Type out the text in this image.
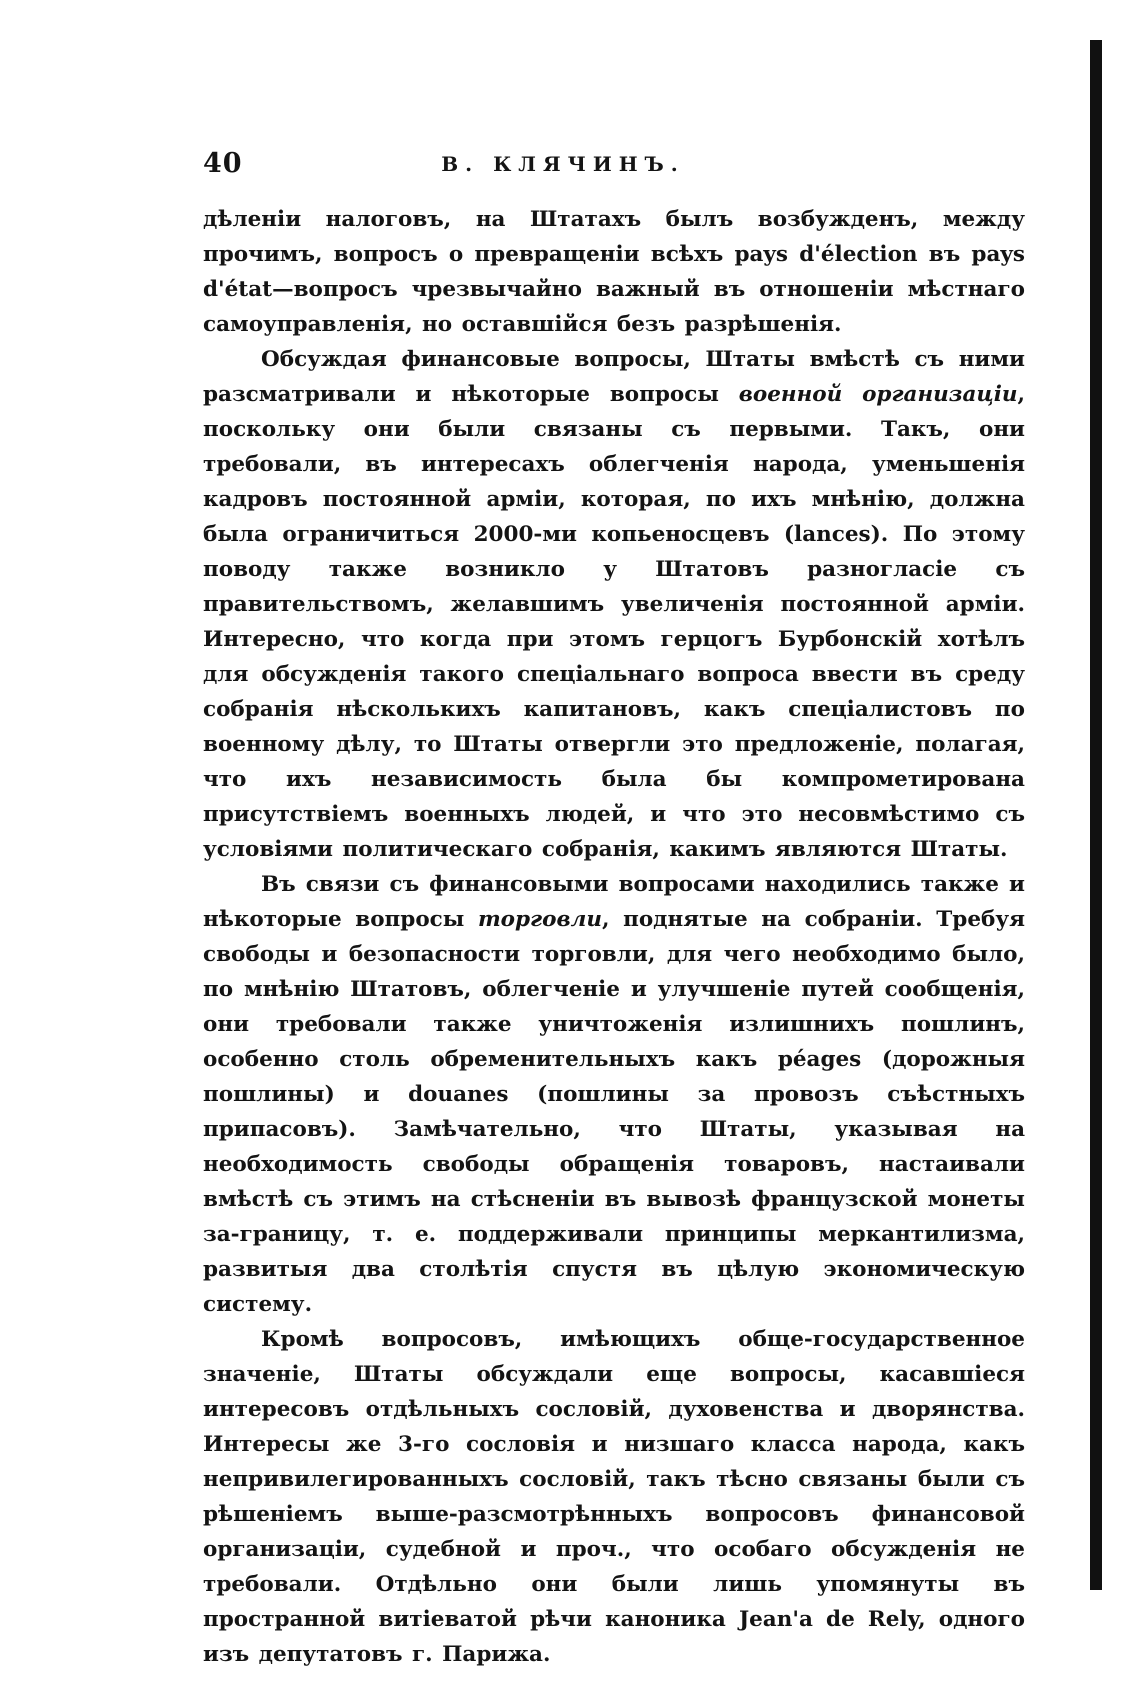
40	В. КЛЯЧИНЪ.

дѣленіи налоговъ, на Штатахъ былъ возбужденъ, между прочимъ, вопросъ о превращеніи всѣхъ pays d'élection въ pays d'état—вопросъ чрезвычайно важный въ отношеніи мѣстнаго самоуправленія, но оставшійся безъ разрѣшенія.

Обсуждая финансовые вопросы, Штаты вмѣстѣ съ ними разсматривали и нѣкоторые вопросы военной организаціи, поскольку они были связаны съ первыми. Такъ, они требовали, въ интересахъ облегченія народа, уменьшенія кадровъ постоянной арміи, которая, по ихъ мнѣнію, должна была ограничиться 2000-ми копьеносцевъ (lances). По этому поводу также возникло у Штатовъ разногласіе съ правительствомъ, желавшимъ увеличенія постоянной арміи. Интересно, что когда при этомъ герцогъ Бурбонскій хотѣлъ для обсужденія такого спеціальнаго вопроса ввести въ среду собранія нѣсколькихъ капитановъ, какъ спеціалистовъ по военному дѣлу, то Штаты отвергли это предложеніе, полагая, что ихъ независимость была бы компрометирована присутствіемъ военныхъ людей, и что это несовмѣстимо съ условіями политическаго собранія, какимъ являются Штаты.

Въ связи съ финансовыми вопросами находились также и нѣкоторые вопросы торговли, поднятые на собраніи. Требуя свободы и безопасности торговли, для чего необходимо было, по мнѣнію Штатовъ, облегченіе и улучшеніе путей сообщенія, они требовали также уничтоженія излишнихъ пошлинъ, особенно столь обременительныхъ какъ péages (дорожныя пошлины) и douanes (пошлины за провозъ съѣстныхъ припасовъ). Замѣчательно, что Штаты, указывая на необходимость свободы обращенія товаровъ, настаивали вмѣстѣ съ этимъ на стѣсненіи въ вывозѣ французской монеты за-границу, т. е. поддерживали принципы меркантилизма, развитыя два столѣтія спустя въ цѣлую экономическую систему.

Кромѣ вопросовъ, имѣющихъ обще-государственное значеніе, Штаты обсуждали еще вопросы, касавшіеся интересовъ отдѣльныхъ сословій, духовенства и дворянства. Интересы же 3-го сословія и низшаго класса народа, какъ непривилегированныхъ сословій, такъ тѣсно связаны были съ рѣшеніемъ выше-разсмотрѣнныхъ вопросовъ финансовой организаціи, судебной и проч., что особаго обсужденія не требовали. Отдѣльно они были лишь упомянуты въ пространной витіеватой рѣчи каноника Jean'a de Rely, одного изъ депутатовъ г. Парижа.
